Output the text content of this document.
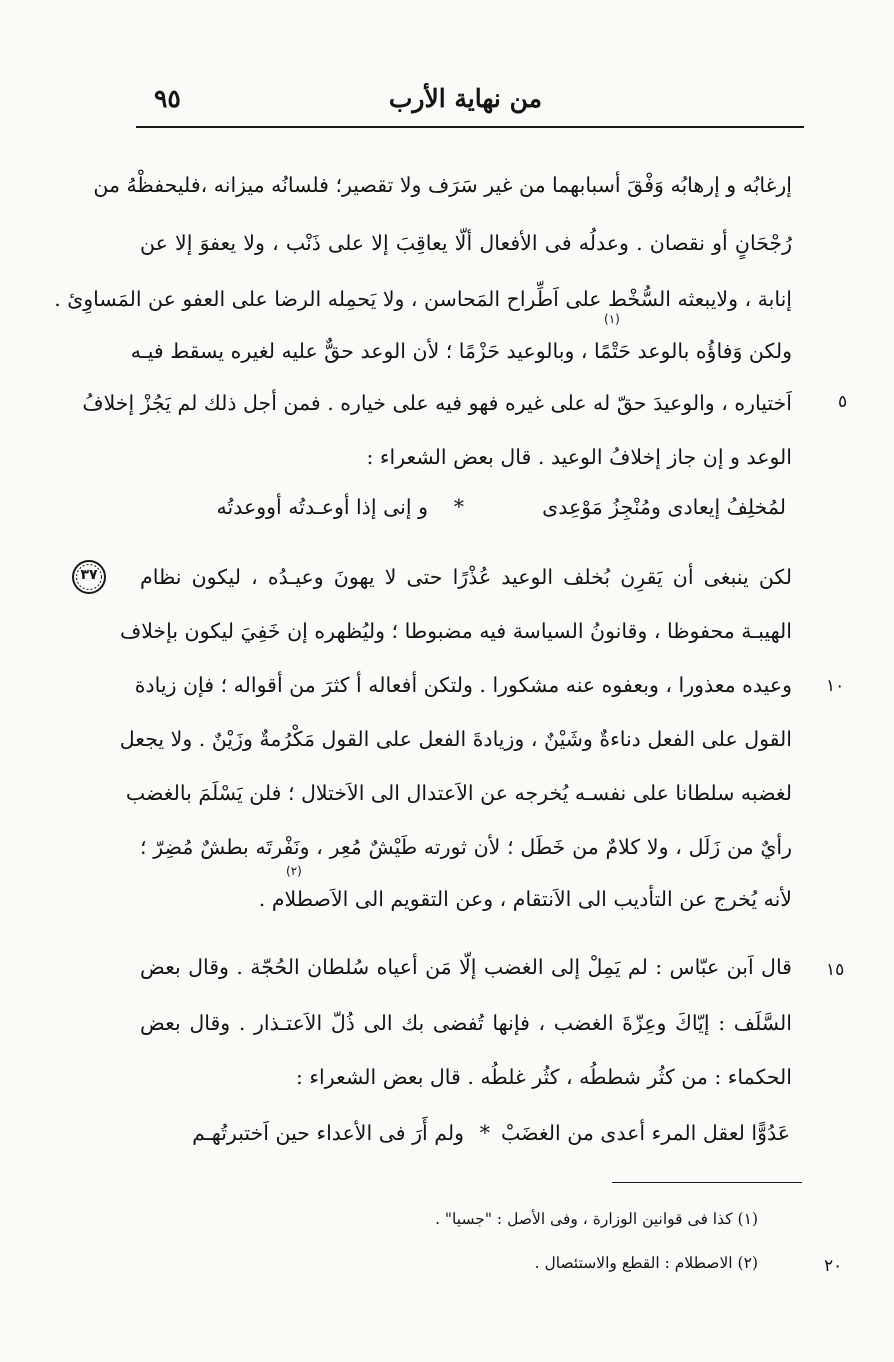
من نهاية الأرب
٩٥
إرغابُه و إرهابُه وَفْقَ أسبابهما من غير سَرَف ولا تقصير؛ فلسانُه ميزانه ،فليحفظْهُ من
رُجْحَانٍ أو نقصان . وعدلُه فى الأفعال ألّا يعاقِبَ إلا على ذَنْب ، ولا يعفوَ إلا عن
إنابة ، ولايبعثه السُّخْط على اَطِّراح المَحاسن ، ولا يَحمِله الرضا على العفو عن المَساوِئ .
(١)
ولكن وَفاؤُه بالوعد حَتْمًا ، وبالوعيد حَزْمًا ؛ لأن الوعد حقٌّ عليه لغيره يسقط فيـه
اَختياره ، والوعيدَ حقّ له على غيره فهو فيه على خياره . فمن أجل ذلك لم يَجُزْ إخلافُ
الوعد و إن جاز إخلافُ الوعيد . قال بعض الشعراء :
و إنى إذا أوعـدتُه أووعدتُه *	لمُخلِفُ إيعادى ومُنْجِزُ مَوْعِدى
لكن ينبغى أن يَقرِن بُخلف الوعيد عُذْرًا حتى لا يهونَ وعيـدُه ، ليكون نظام
الهيبـة محفوظا ، وقانونُ السياسة فيه مضبوطا ؛ وليُظهره إن خَفِيَ ليكون بإخلاف
وعيده معذورا ، وبعفوه عنه مشكورا . ولتكن أفعاله أ كثرَ من أقواله ؛ فإن زيادة
القول على الفعل دناءةٌ وشَيْنٌ ، وزيادةَ الفعل على القول مَكْرُمةٌ وزَيْنٌ . ولا يجعل
لغضبه سلطانا على نفسـه يُخرجه عن الاَعتدال الى الاَختلال ؛ فلن يَسْلَمَ بالغضب
رأيٌ من زَلَل ، ولا كلامٌ من خَطَل ؛ لأن ثورته طَيْشٌ مُعِر ، ونَفْرتَه بطشٌ مُضِرّ ؛
(٢)
لأنه يُخرج عن التأديب الى الاَنتقام ، وعن التقويم الى الاَصطلام .
قال اَبن عبّاس : لم يَمِلْ إلى الغضب إلّا مَن أعياه سُلطان الحُجّة . وقال بعض
السَّلَف : إيّاكَ وعِزّةَ الغضب ، فإنها تُفضى بك الى ذُلّ الاَعتـذار . وقال بعض
الحكماء : من كثُر شططُه ، كثُر غلطُه . قال بعض الشعراء :
ولم أَرَ فى الأعداء حين اَختبرتُهـم * عَدُوًّا لعقل المرء أعدى من الغضَبْ
٥
١٠
١٥
٢٠
٣٧
(١) كذا فى قوانين الوزارة ، وفى الأصل : "جسيا" .
(٢) الاصطلام : القطع والاستئصال .
